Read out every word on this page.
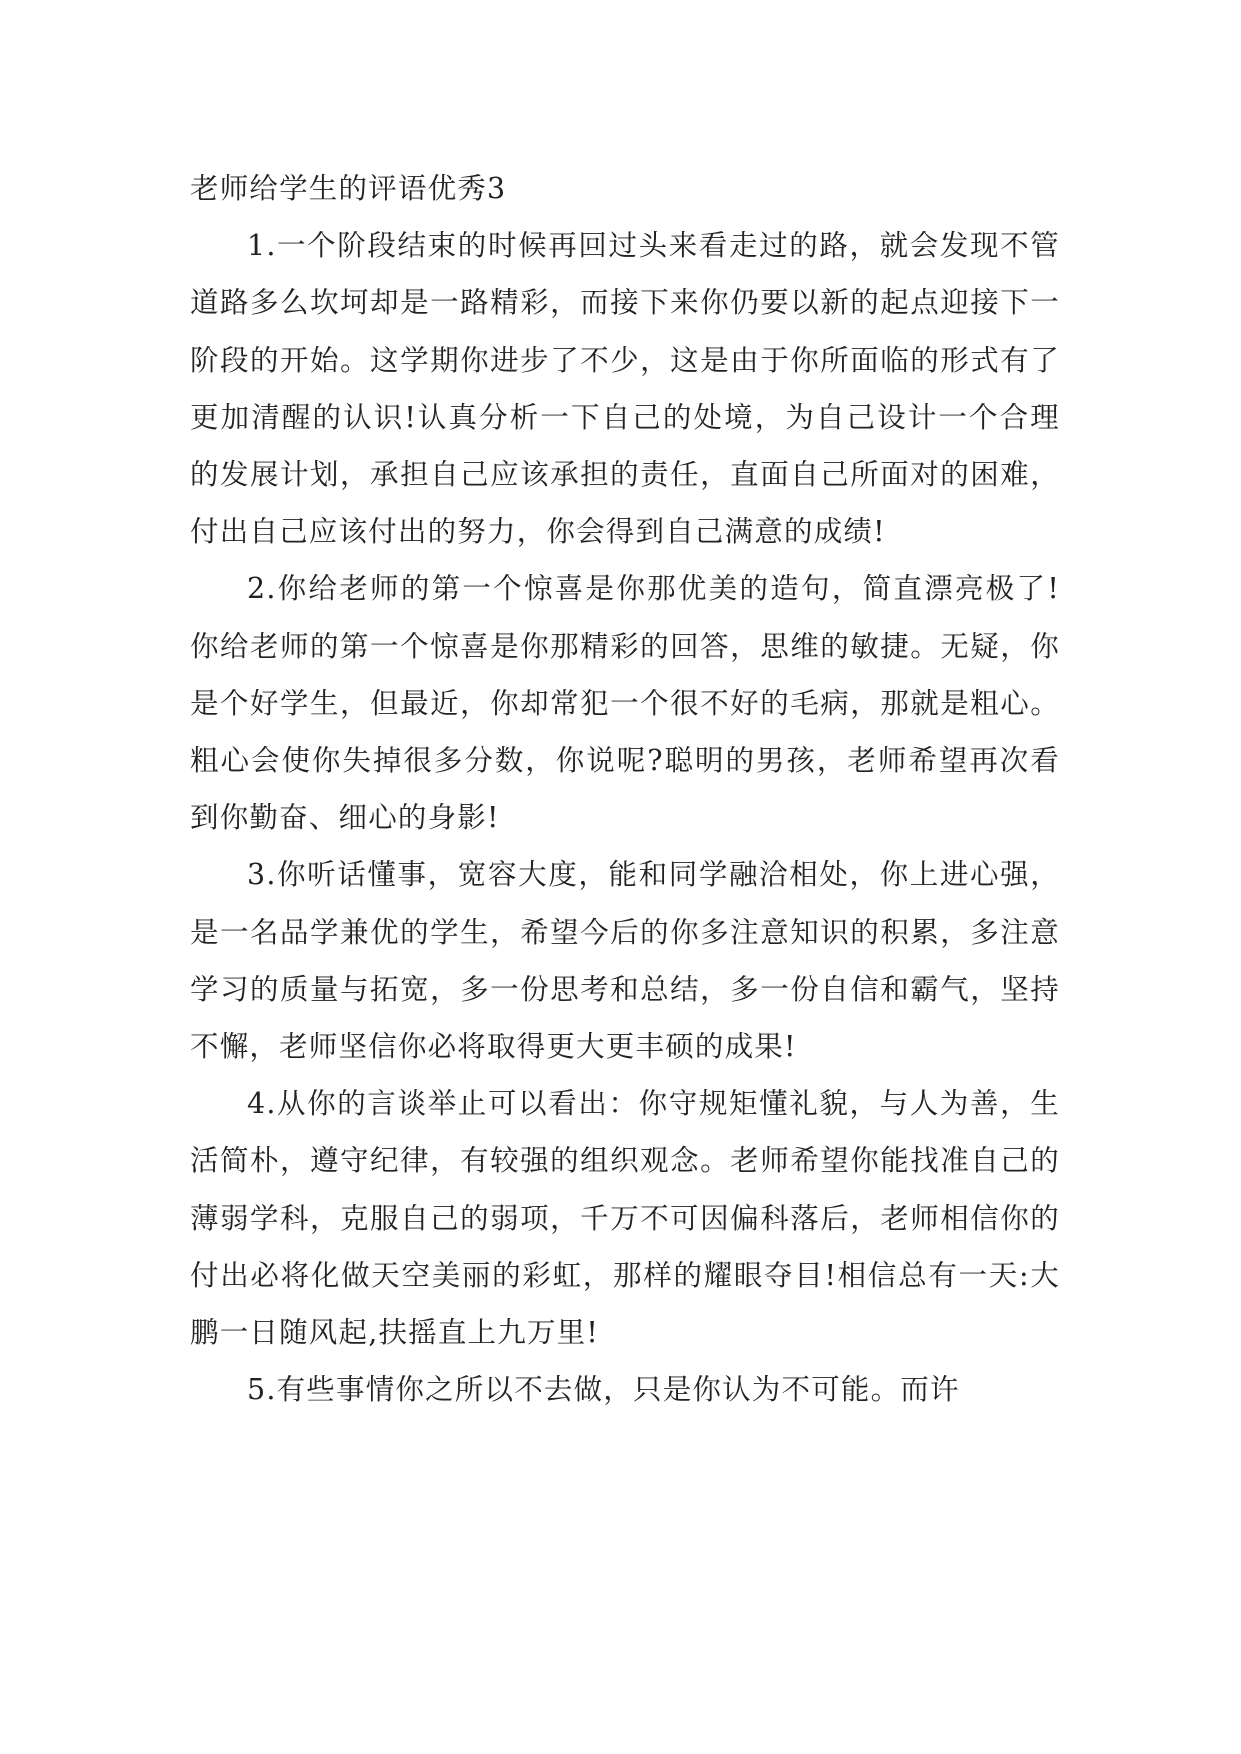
老师给学生的评语优秀3

1.一个阶段结束的时候再回过头来看走过的路，就会发现不管道路多么坎坷却是一路精彩，而接下来你仍要以新的起点迎接下一阶段的开始。这学期你进步了不少，这是由于你所面临的形式有了更加清醒的认识!认真分析一下自己的处境，为自己设计一个合理的发展计划，承担自己应该承担的责任，直面自己所面对的困难，付出自己应该付出的努力，你会得到自己满意的成绩!

2.你给老师的第一个惊喜是你那优美的造句，简直漂亮极了!你给老师的第一个惊喜是你那精彩的回答，思维的敏捷。无疑，你是个好学生，但最近，你却常犯一个很不好的毛病，那就是粗心。粗心会使你失掉很多分数，你说呢?聪明的男孩，老师希望再次看到你勤奋、细心的身影!

3.你听话懂事，宽容大度，能和同学融洽相处，你上进心强，是一名品学兼优的学生，希望今后的你多注意知识的积累，多注意学习的质量与拓宽，多一份思考和总结，多一份自信和霸气，坚持不懈，老师坚信你必将取得更大更丰硕的成果!

4.从你的言谈举止可以看出：你守规矩懂礼貌，与人为善，生活简朴，遵守纪律，有较强的组织观念。老师希望你能找准自己的薄弱学科，克服自己的弱项，千万不可因偏科落后，老师相信你的付出必将化做天空美丽的彩虹，那样的耀眼夺目!相信总有一天:大鹏一日随风起,扶摇直上九万里!

5.有些事情你之所以不去做，只是你认为不可能。而许
